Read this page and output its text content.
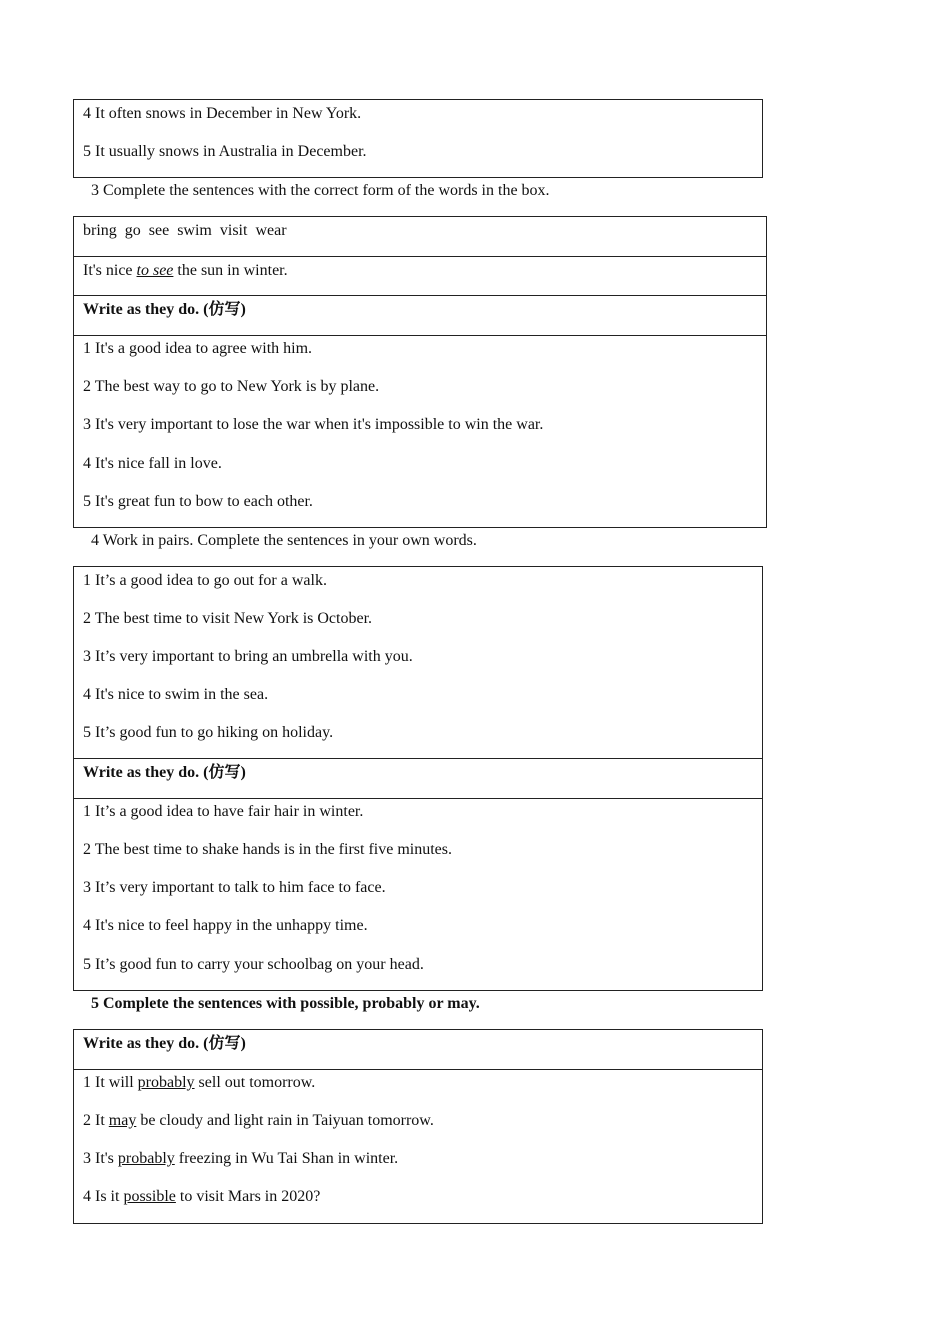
4 It often snows in December in New York.
5 It usually snows in Australia in December.
3 Complete the sentences with the correct form of the words in the box.
bring  go  see  swim  visit  wear
It's nice to see the sun in winter.
Write as they do. (仿写)
1 It's a good idea to agree with him.
2 The best way to go to New York is by plane.
3 It's very important to lose the war when it's impossible to win the war.
4 It's nice fall in love.
5 It's great fun to bow to each other.
4 Work in pairs. Complete the sentences in your own words.
1 It’s a good idea to go out for a walk.
2 The best time to visit New York is October.
3 It’s very important to bring an umbrella with you.
4 It's nice to swim in the sea.
5 It’s good fun to go hiking on holiday.
Write as they do. (仿写)
1 It’s a good idea to have fair hair in winter.
2 The best time to shake hands is in the first five minutes.
3 It’s very important to talk to him face to face.
4 It's nice to feel happy in the unhappy time.
5 It’s good fun to carry your schoolbag on your head.
5 Complete the sentences with possible, probably or may.
Write as they do. (仿写)
1 It will probably sell out tomorrow.
2 It may be cloudy and light rain in Taiyuan tomorrow.
3 It's probably freezing in Wu Tai Shan in winter.
4 Is it possible to visit Mars in 2020?
